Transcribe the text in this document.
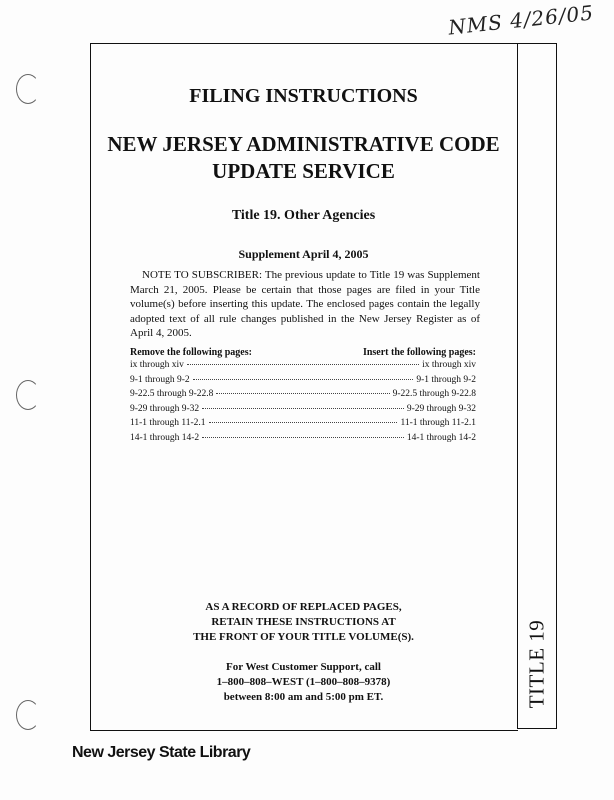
NMS 4/26/05
TITLE 19
FILING INSTRUCTIONS
NEW JERSEY ADMINISTRATIVE CODE
UPDATE SERVICE
Title 19. Other Agencies
Supplement April 4, 2005
NOTE TO SUBSCRIBER: The previous update to Title 19 was Supplement March 21, 2005. Please be certain that those pages are filed in your Title volume(s) before inserting this update. The enclosed pages contain the legally adopted text of all rule changes published in the New Jersey Register as of April 4, 2005.
Remove the following pages:	Insert the following pages:
ix through xiv	ix through xiv
9-1 through 9-2	9-1 through 9-2
9-22.5 through 9-22.8	9-22.5 through 9-22.8
9-29 through 9-32	9-29 through 9-32
11-1 through 11-2.1	11-1 through 11-2.1
14-1 through 14-2	14-1 through 14-2
AS A RECORD OF REPLACED PAGES,
RETAIN THESE INSTRUCTIONS AT
THE FRONT OF YOUR TITLE VOLUME(S).
For West Customer Support, call
1–800–808–WEST (1–800–808–9378)
between 8:00 am and 5:00 pm ET.
New Jersey State Library
